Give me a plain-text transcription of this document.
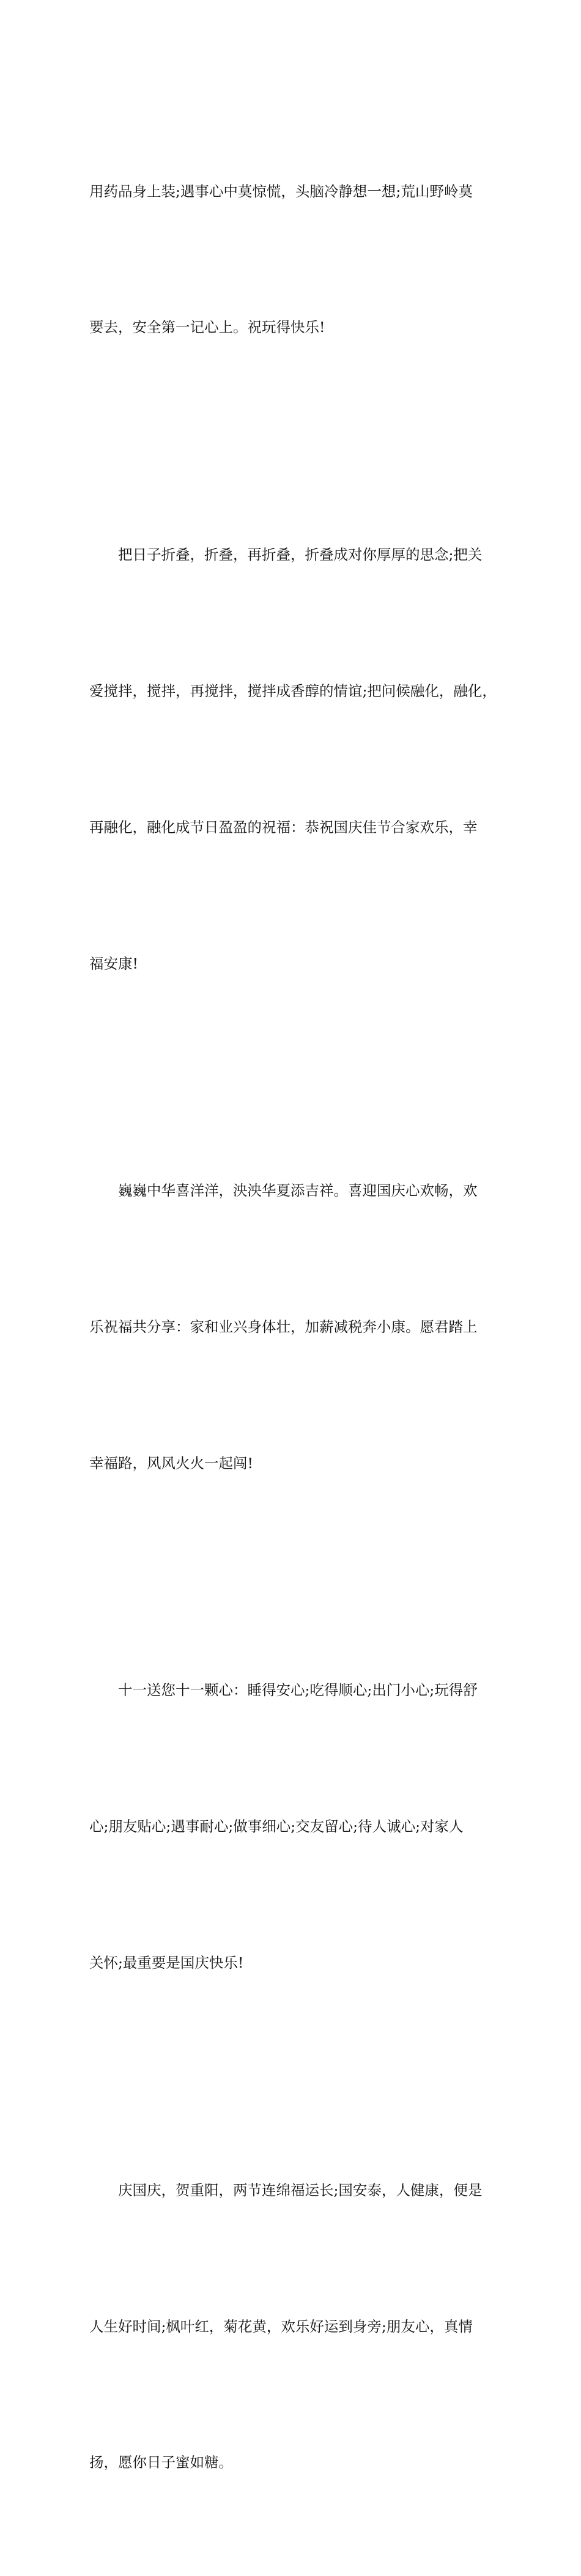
用药品身上装;遇事心中莫惊慌，头脑冷静想一想;荒山野岭莫

要去，安全第一记心上。祝玩得快乐!

　　把日子折叠，折叠，再折叠，折叠成对你厚厚的思念;把关

爱搅拌，搅拌，再搅拌，搅拌成香醇的情谊;把问候融化，融化，

再融化，融化成节日盈盈的祝福：恭祝国庆佳节合家欢乐，幸

福安康!

　　巍巍中华喜洋洋，泱泱华夏添吉祥。喜迎国庆心欢畅，欢

乐祝福共分享：家和业兴身体壮，加薪减税奔小康。愿君踏上

幸福路，风风火火一起闯!

　　十一送您十一颗心：睡得安心;吃得顺心;出门小心;玩得舒

心;朋友贴心;遇事耐心;做事细心;交友留心;待人诚心;对家人

关怀;最重要是国庆快乐!

　　庆国庆，贺重阳，两节连绵福运长;国安泰，人健康，便是

人生好时间;枫叶红，菊花黄，欢乐好运到身旁;朋友心，真情

扬，愿你日子蜜如糖。
